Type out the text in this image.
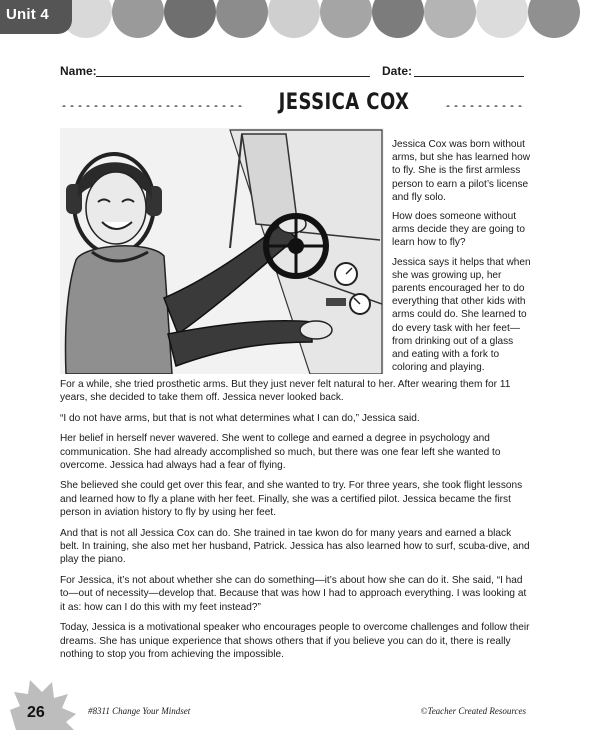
Unit 4
Name:	Date:
JESSICA COX

Jessica Cox was born without arms, but she has learned how to fly. She is the first armless person to earn a pilot’s license and fly solo.

How does someone without arms decide they are going to learn how to fly?

Jessica says it helps that when she was growing up, her parents encouraged her to do everything that other kids with arms could do. She learned to do every task with her feet—from drinking out of a glass and eating with a fork to coloring and playing.

For a while, she tried prosthetic arms. But they just never felt natural to her. After wearing them for 11 years, she decided to take them off. Jessica never looked back.

“I do not have arms, but that is not what determines what I can do,” Jessica said.

Her belief in herself never wavered. She went to college and earned a degree in psychology and communication. She had already accomplished so much, but there was one fear left she wanted to overcome. Jessica had always had a fear of flying.

She believed she could get over this fear, and she wanted to try. For three years, she took flight lessons and learned how to fly a plane with her feet. Finally, she was a certified pilot. Jessica became the first person in aviation history to fly by using her feet.

And that is not all Jessica Cox can do. She trained in tae kwon do for many years and earned a black belt. In training, she also met her husband, Patrick. Jessica has also learned how to surf, scuba-dive, and play the piano.

For Jessica, it’s not about whether she can do something—it’s about how she can do it. She said, “I had to—out of necessity—develop that. Because that was how I had to approach everything. I was looking at it as: how can I do this with my feet instead?”

Today, Jessica is a motivational speaker who encourages people to overcome challenges and follow their dreams. She has unique experience that shows others that if you believe you can do it, there is really nothing to stop you from achieving the impossible.

26	#8311 Change Your Mindset	©Teacher Created Resources
